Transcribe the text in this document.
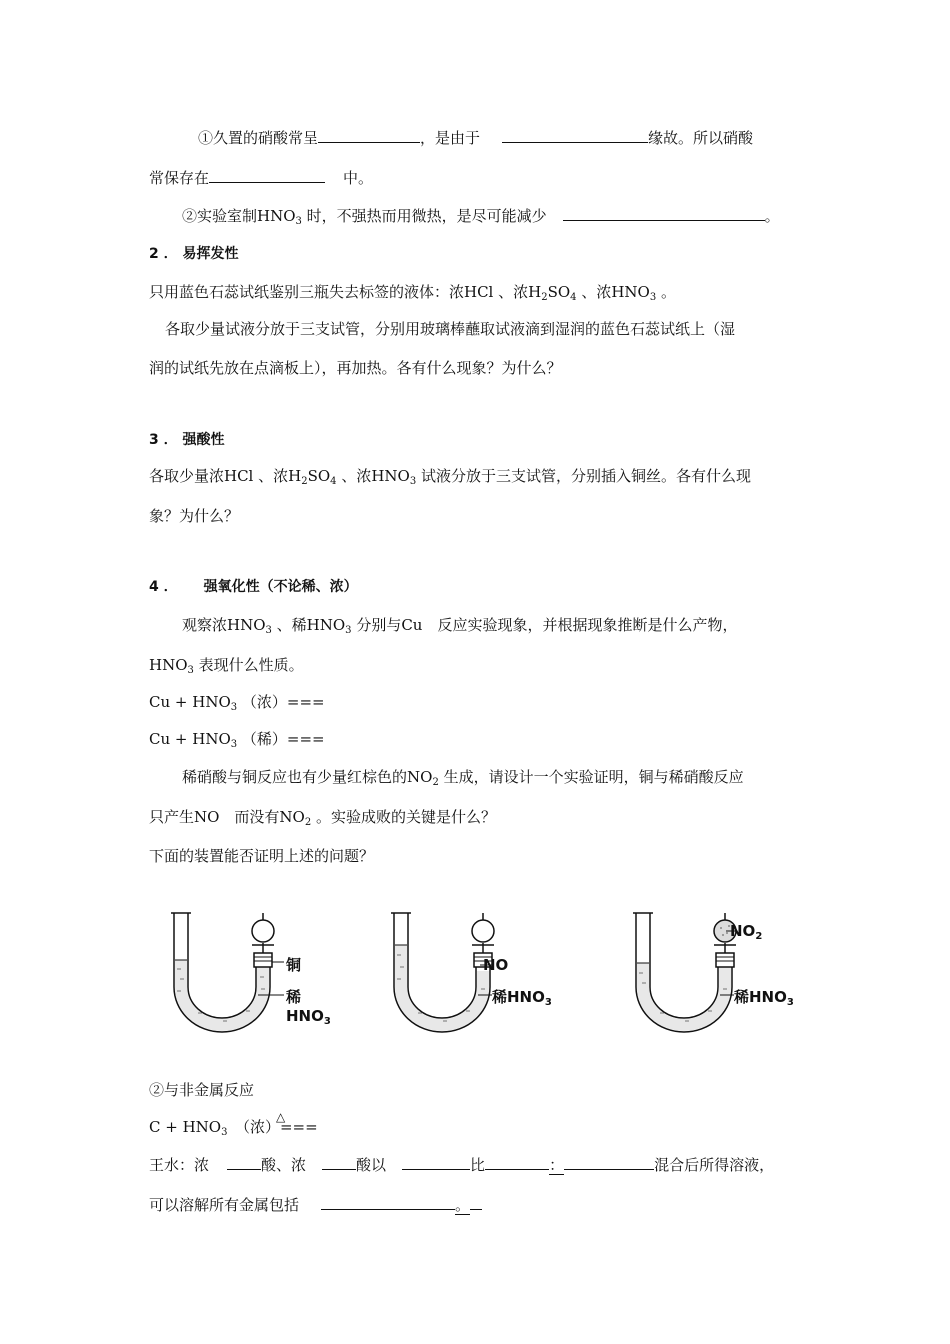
①久置的硝酸常呈	，是由于	缘故。所以硝酸
常保存在	中。
②实验室制$HNO_3$ 时，不强热而用微热，是尽可能减少	。
2 ． 易挥发性
只用蓝色石蕊试纸鉴别三瓶失去标签的液体：浓HCl 、浓$H_2SO_4$ 、浓$HNO_3$ 。
各取少量试液分放于三支试管，分别用玻璃棒蘸取试液滴到湿润的蓝色石蕊试纸上（湿
润的试纸先放在点滴板上），再加热。各有什么现象？为什么？
3 ． 强酸性
各取少量浓HCl 、浓$H_2SO_4$ 、浓$HNO_3$ 试液分放于三支试管，分别插入铜丝。各有什么现
象？为什么？
4 ． 强氧化性（不论稀、浓）
观察浓$HNO_3$ 、稀$HNO_3$ 分别与Cu　反应实验现象，并根据现象推断是什么产物，
$HNO_3$ 表现什么性质。
$Cu + HNO_3$ （浓）===
$Cu + HNO_3$ （稀）===
稀硝酸与铜反应也有少量红棕色的$NO_2$ 生成，请设计一个实验证明，铜与稀硝酸反应
只产生NO　而没有$NO_2$ 。实验成败的关键是什么？
下面的装置能否证明上述的问题？
铜
稀$HNO_3$
NO
稀$HNO_3$
$NO_2$
稀$HNO_3$
②与非金属反应
$C + HNO_3$　（浓）
△
===
王水：浓	酸、浓	酸以	比	：	混合后所得溶液，
可以溶解所有金属包括	。
